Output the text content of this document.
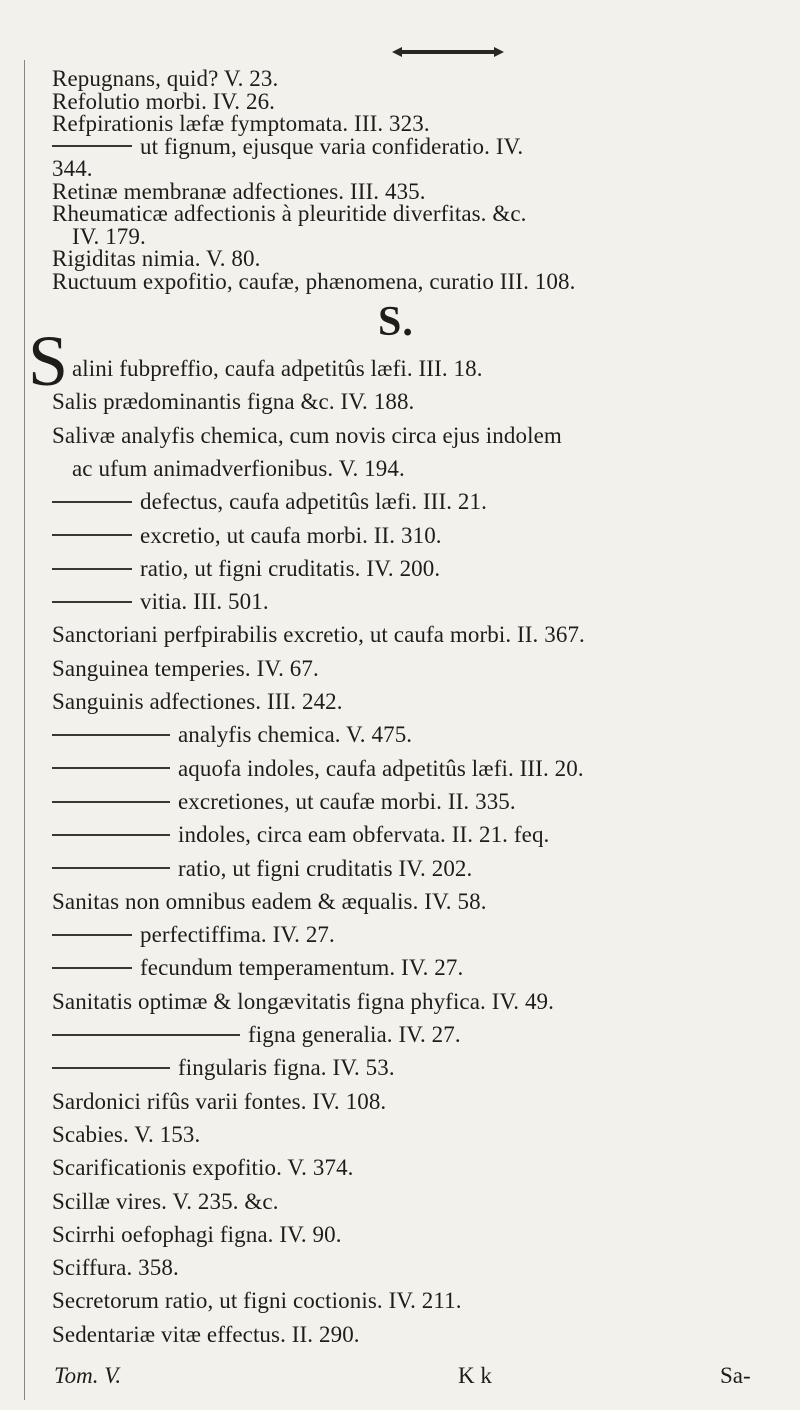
Repugnans, quid? V. 23.
Refolutio morbi. IV. 26.
Refpirationis læfæ fymptomata. III. 323.
ut fignum, ejusque varia confideratio. IV.
344.
Retinæ membranæ adfectiones. III. 435.
Rheumaticæ adfectionis à pleuritide diverfitas. &c.
IV. 179.
Rigiditas nimia. V. 80.
Ructuum expofitio, caufæ, phænomena, curatio III. 108.
S.
S alini fubpreffio, caufa adpetitûs læfi. III. 18.
Salis prædominantis figna &c. IV. 188.
Salivæ analyfis chemica, cum novis circa ejus indolem
ac ufum animadverfionibus. V. 194.
defectus, caufa adpetitûs læfi. III. 21.
excretio, ut caufa morbi. II. 310.
ratio, ut figni cruditatis. IV. 200.
vitia. III. 501.
Sanctoriani perfpirabilis excretio, ut caufa morbi. II. 367.
Sanguinea temperies. IV. 67.
Sanguinis adfectiones. III. 242.
analyfis chemica. V. 475.
aquofa indoles, caufa adpetitûs læfi. III. 20.
excretiones, ut caufæ morbi. II. 335.
indoles, circa eam obfervata. II. 21. feq.
ratio, ut figni cruditatis IV. 202.
Sanitas non omnibus eadem & æqualis. IV. 58.
perfectiffima. IV. 27.
fecundum temperamentum. IV. 27.
Sanitatis optimæ & longævitatis figna phyfica. IV. 49.
figna generalia. IV. 27.
fingularis figna. IV. 53.
Sardonici rifûs varii fontes. IV. 108.
Scabies. V. 153.
Scarificationis expofitio. V. 374.
Scillæ vires. V. 235. &c.
Scirrhi oefophagi figna. IV. 90.
Sciffura. 358.
Secretorum ratio, ut figni coctionis. IV. 211.
Sedentariæ vitæ effectus. II. 290.
Tom. V.	K k	Sa-
